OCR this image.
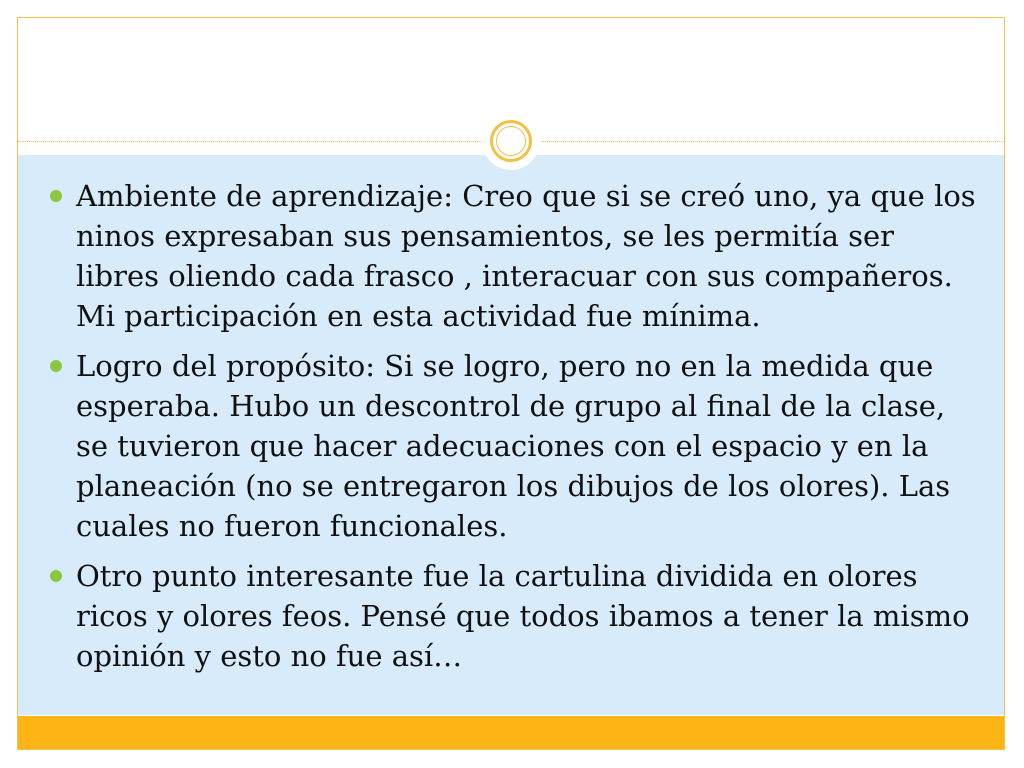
Ambiente de aprendizaje: Creo que si se creó uno, ya que los ninos expresaban sus pensamientos, se les permitía ser libres oliendo cada frasco , interacuar con sus compañeros. Mi participación en esta actividad fue mínima.
Logro del propósito: Si se logro, pero no en la medida que esperaba. Hubo un descontrol de grupo al final de la clase, se tuvieron que hacer adecuaciones con el espacio y en la planeación (no se entregaron los dibujos de los olores). Las cuales no fueron funcionales.
Otro punto interesante fue la cartulina dividida en olores ricos y olores feos. Pensé que todos ibamos a tener la mismo opinión y esto no fue así…
